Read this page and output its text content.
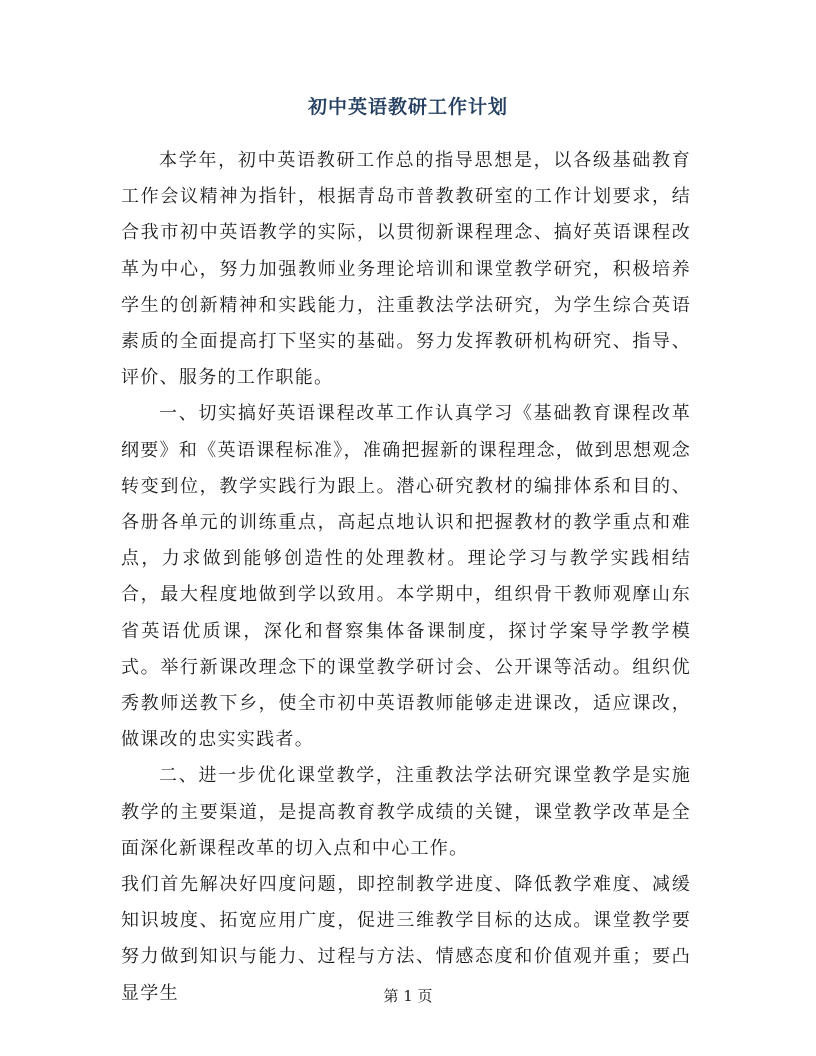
初中英语教研工作计划

本学年，初中英语教研工作总的指导思想是，以各级基础教育工作会议精神为指针，根据青岛市普教教研室的工作计划要求，结合我市初中英语教学的实际，以贯彻新课程理念、搞好英语课程改革为中心，努力加强教师业务理论培训和课堂教学研究，积极培养学生的创新精神和实践能力，注重教法学法研究，为学生综合英语素质的全面提高打下坚实的基础。努力发挥教研机构研究、指导、评价、服务的工作职能。

一、切实搞好英语课程改革工作认真学习《基础教育课程改革纲要》和《英语课程标准》，准确把握新的课程理念，做到思想观念转变到位，教学实践行为跟上。潜心研究教材的编排体系和目的、各册各单元的训练重点，高起点地认识和把握教材的教学重点和难点，力求做到能够创造性的处理教材。理论学习与教学实践相结合，最大程度地做到学以致用。本学期中，组织骨干教师观摩山东省英语优质课，深化和督察集体备课制度，探讨学案导学教学模式。举行新课改理念下的课堂教学研讨会、公开课等活动。组织优秀教师送教下乡，使全市初中英语教师能够走进课改，适应课改，做课改的忠实实践者。

二、进一步优化课堂教学，注重教法学法研究课堂教学是实施教学的主要渠道，是提高教育教学成绩的关键，课堂教学改革是全面深化新课程改革的切入点和中心工作。

我们首先解决好四度问题，即控制教学进度、降低教学难度、减缓知识坡度、拓宽应用广度，促进三维教学目标的达成。课堂教学要努力做到知识与能力、过程与方法、情感态度和价值观并重；要凸显学生	第 1 页
